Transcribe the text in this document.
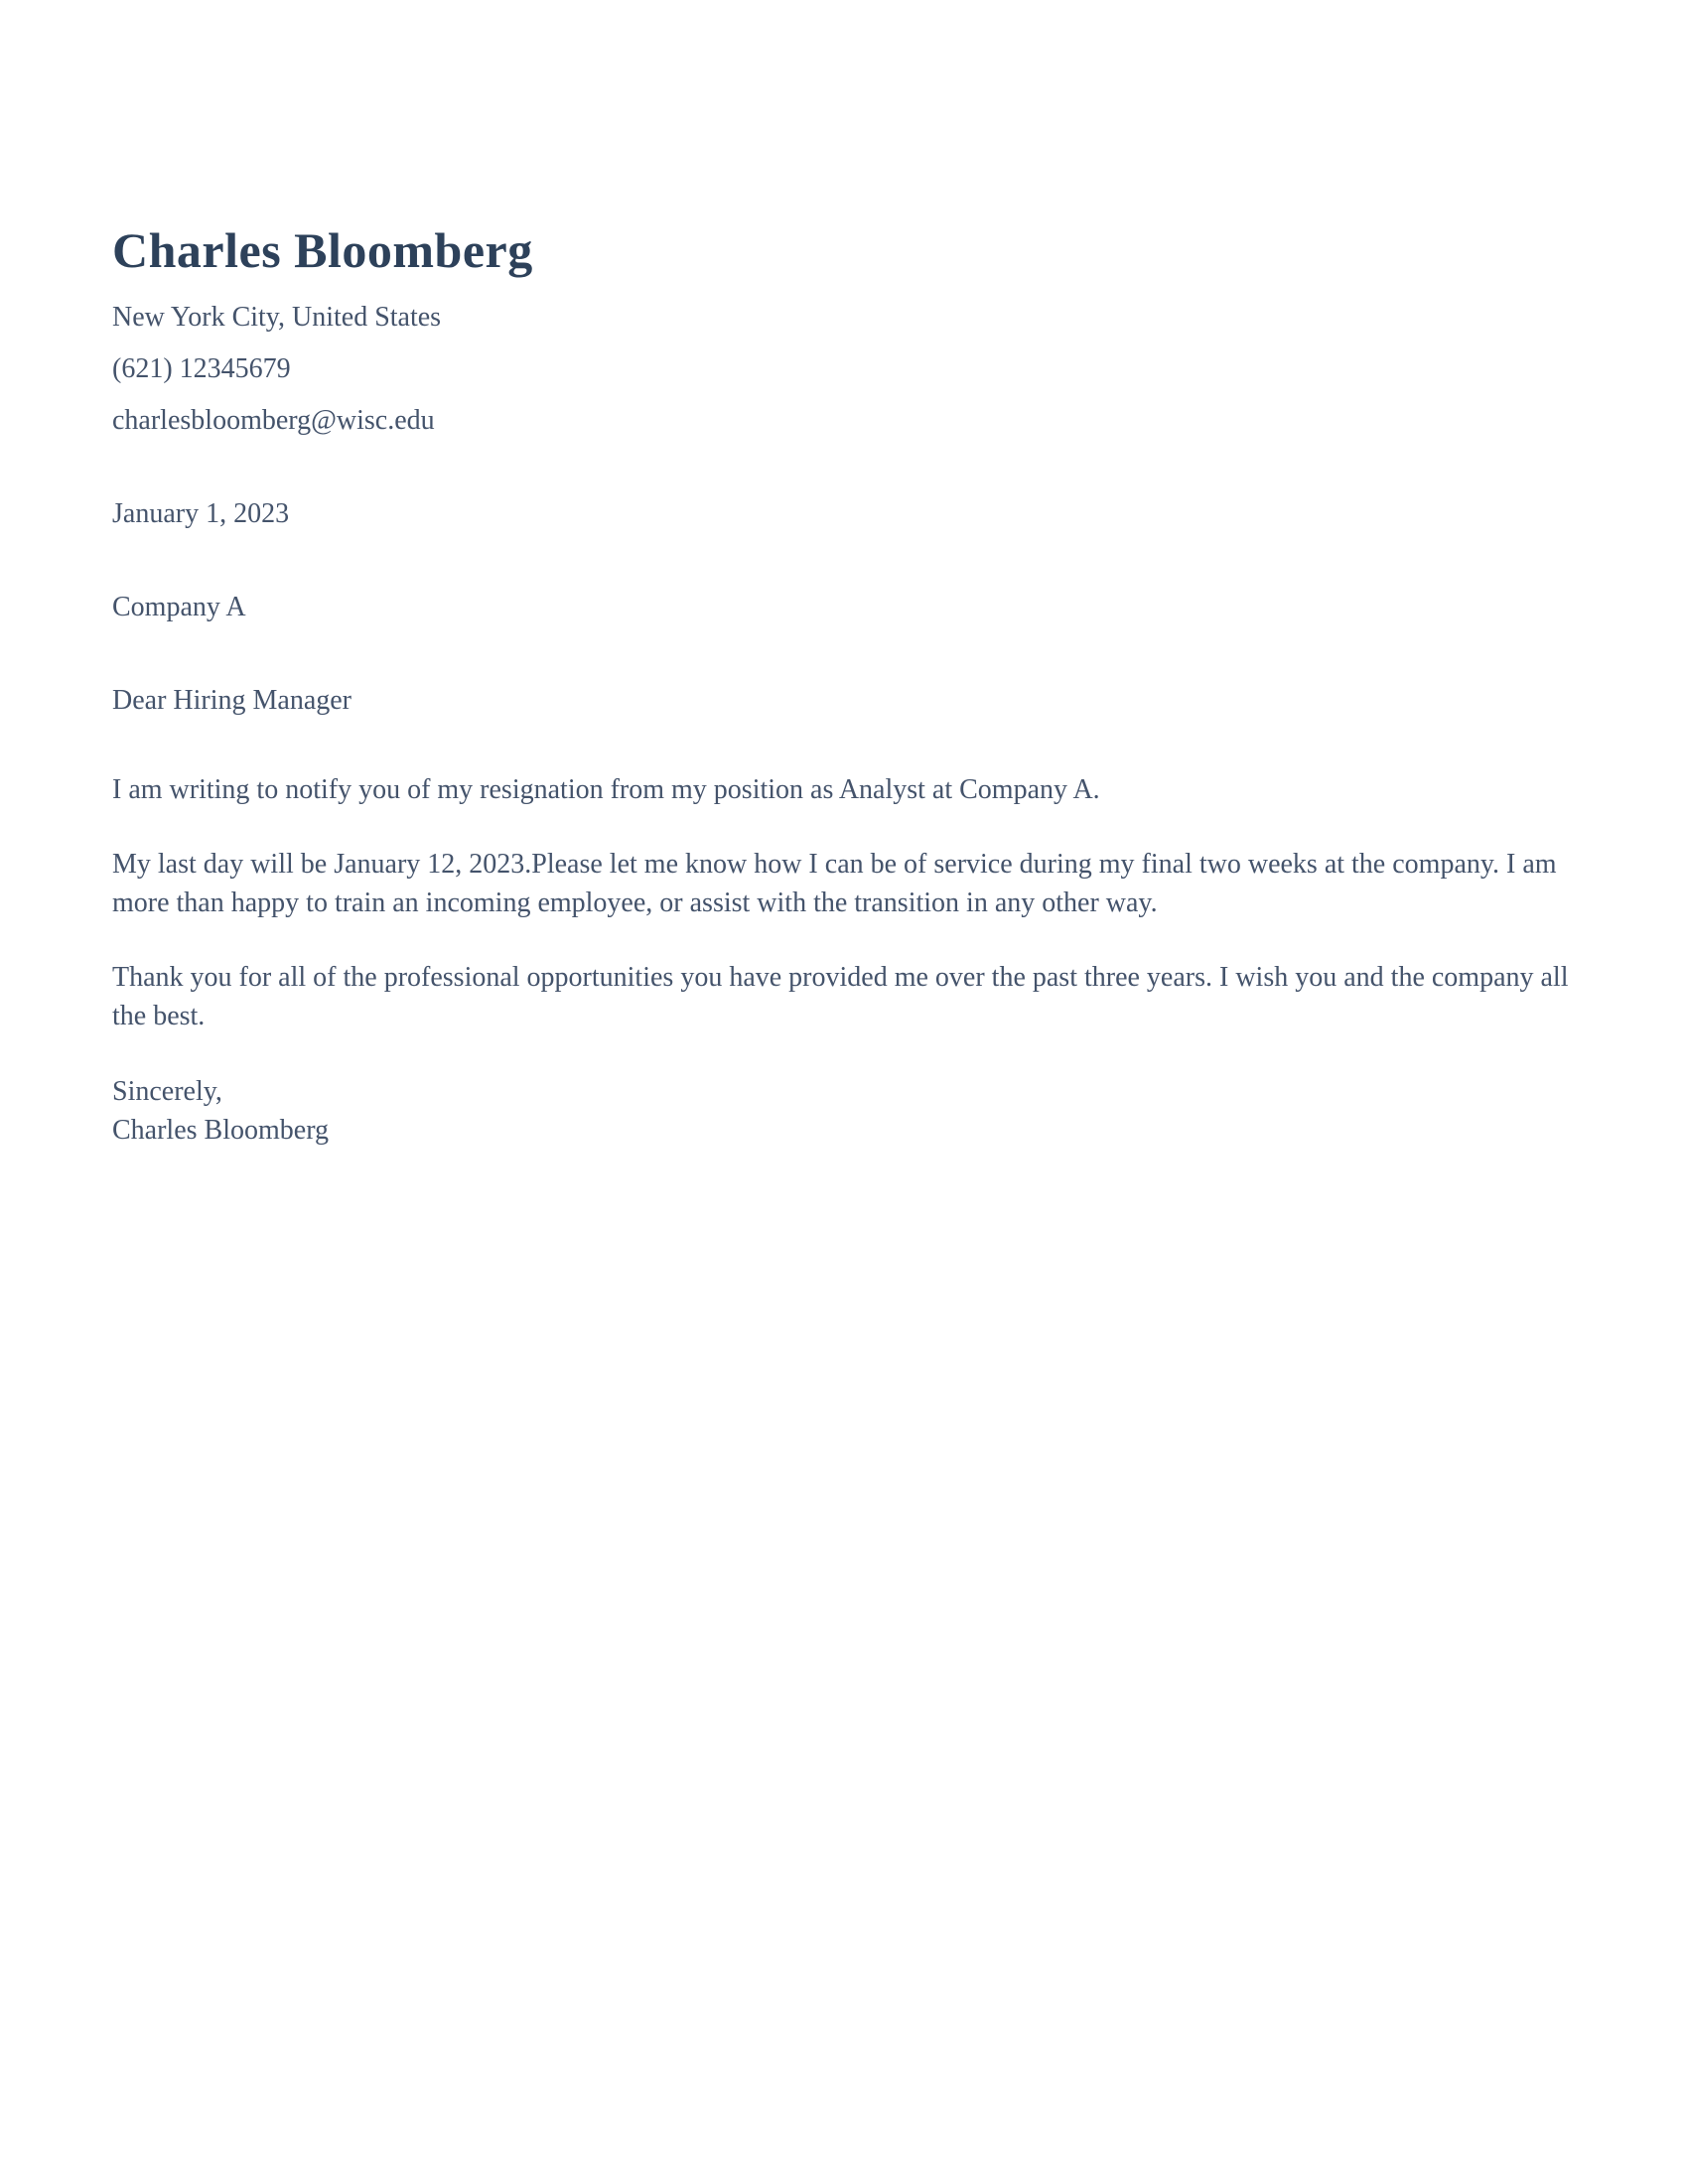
Charles Bloomberg

New York City, United States

(621) 12345679

charlesbloomberg@wisc.edu

January 1, 2023

Company A

Dear Hiring Manager

I am writing to notify you of my resignation from my position as Analyst at Company A.

My last day will be January 12, 2023.Please let me know how I can be of service during my final two weeks at the company. I am more than happy to train an incoming employee, or assist with the transition in any other way.

Thank you for all of the professional opportunities you have provided me over the past three years. I wish you and the company all the best.

Sincerely,

Charles Bloomberg
